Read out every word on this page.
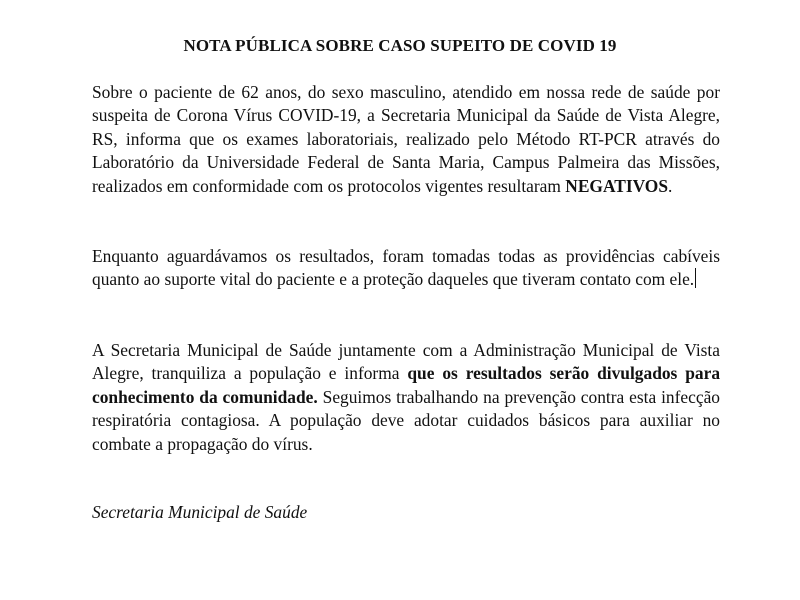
NOTA PÚBLICA SOBRE CASO SUPEITO DE COVID 19

Sobre o paciente de 62 anos, do sexo masculino, atendido em nossa rede de saúde por suspeita de Corona Vírus COVID-19, a Secretaria Municipal da Saúde de Vista Alegre, RS, informa que os exames laboratoriais, realizado pelo Método RT-PCR através do Laboratório da Universidade Federal de Santa Maria, Campus Palmeira das Missões, realizados em conformidade com os protocolos vigentes resultaram NEGATIVOS.

Enquanto aguardávamos os resultados, foram tomadas todas as providências cabíveis quanto ao suporte vital do paciente e a proteção daqueles que tiveram contato com ele.

A Secretaria Municipal de Saúde juntamente com a Administração Municipal de Vista Alegre, tranquiliza a população e informa que os resultados serão divulgados para conhecimento da comunidade. Seguimos trabalhando na prevenção contra esta infecção respiratória contagiosa. A população deve adotar cuidados básicos para auxiliar no combate a propagação do vírus.

Secretaria Municipal de Saúde
